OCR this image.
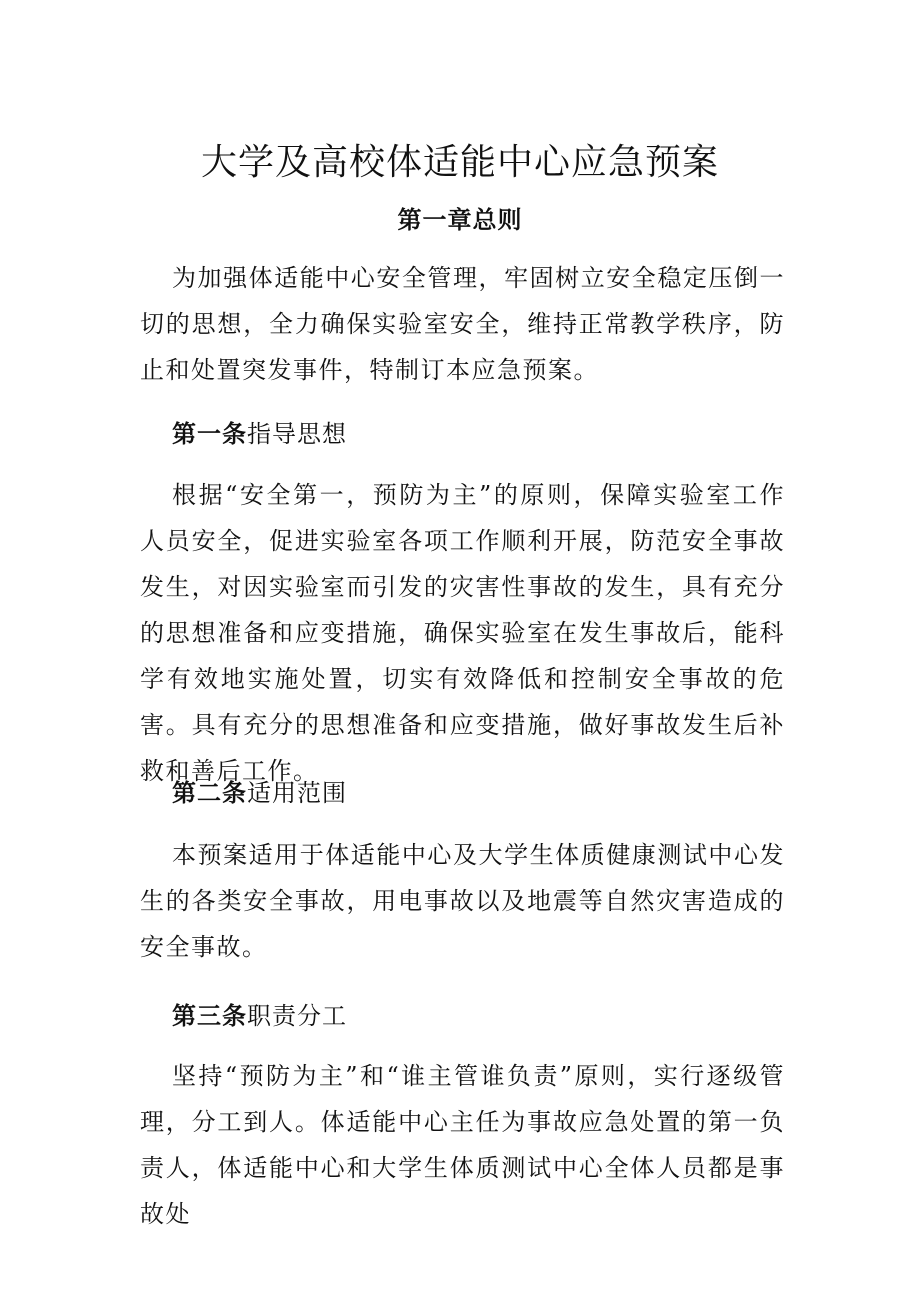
大学及高校体适能中心应急预案
第一章总则

为加强体适能中心安全管理，牢固树立安全稳定压倒一切的思想，全力确保实验室安全，维持正常教学秩序，防止和处置突发事件，特制订本应急预案。

第一条指导思想

根据“安全第一，预防为主”的原则，保障实验室工作人员安全，促进实验室各项工作顺利开展，防范安全事故发生，对因实验室而引发的灾害性事故的发生，具有充分的思想准备和应变措施，确保实验室在发生事故后，能科学有效地实施处置，切实有效降低和控制安全事故的危害。具有充分的思想准备和应变措施，做好事故发生后补救和善后工作。

第二条适用范围

本预案适用于体适能中心及大学生体质健康测试中心发生的各类安全事故，用电事故以及地震等自然灾害造成的安全事故。

第三条职责分工

坚持“预防为主”和“谁主管谁负责”原则，实行逐级管理，分工到人。体适能中心主任为事故应急处置的第一负责人，体适能中心和大学生体质测试中心全体人员都是事故处
